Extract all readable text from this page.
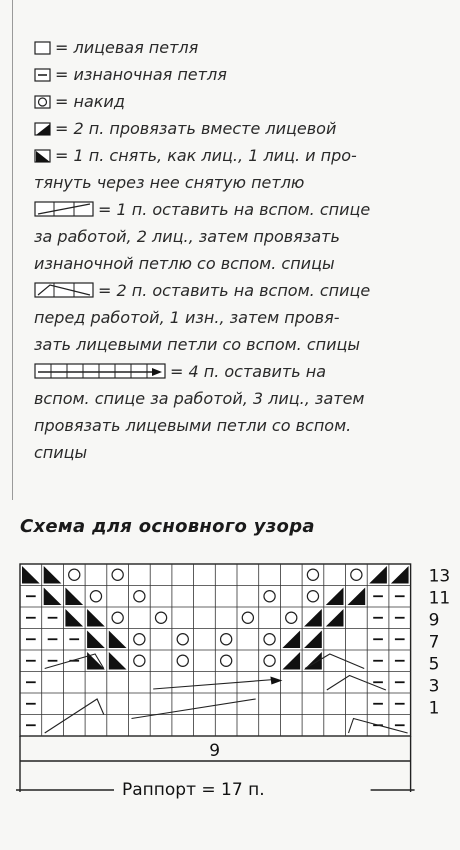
= лицевая петля
= изнаночная петля
= накид
= 2 п. провязать вместе лицевой
= 1 п. снять, как лиц., 1 лиц. и про-
тянуть через нее снятую петлю
= 1 п. оставить на вспом. спице
за работой, 2 лиц., затем провязать
изнаночной петлю со вспом. спицы
= 2 п. оставить на вспом. спице
перед работой, 1 изн., затем провя-
зать лицевыми петли со вспом. спицы
= 4 п. оставить на
вспом. спице за работой, 3 лиц., затем
провязать лицевыми петли со вспом.
спицы
Схема для основного узора
13
11
9
7
5
3
1
9
Раппорт = 17 п.
